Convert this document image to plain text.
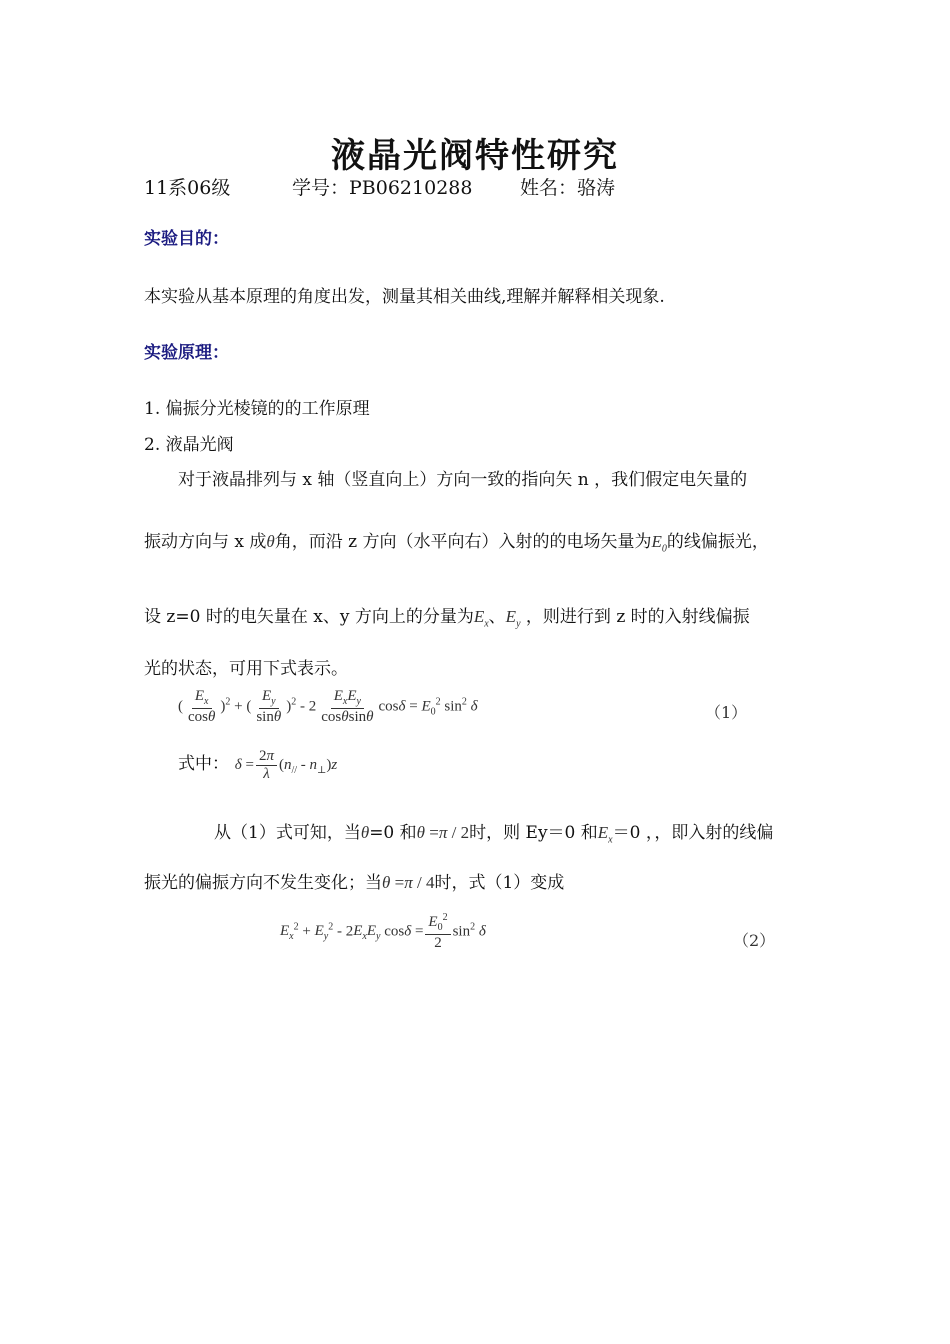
液晶光阀特性研究
11系06级	学号：PB06210288	姓名：骆涛
实验目的：
本实验从基本原理的角度出发，测量其相关曲线,理解并解释相关现象.
实验原理：
1. 偏振分光棱镜的的工作原理
2. 液晶光阀
对于液晶排列与 x 轴（竖直向上）方向一致的指向矢 n ，我们假定电矢量的
振动方向与 x 成θ角，而沿 z 方向（水平向右）入射的的电场矢量为$E_0$的线偏振光，
设 z=0 时的电矢量在 x、y 方向上的分量为$E_x$、$E_y$ ，则进行到 z 时的入射线偏振
光的状态，可用下式表示。
( $\frac{E_x}{\cos\theta} )^2$ + ( $\frac{E_y}{\sin\theta} )^2 - 2 \frac{E_xE_y}{\cos\theta\sin\theta}$ $\cos\delta = E_0^2$ $\sin^2 \delta$	（1）
式中： $\delta = \frac{2\pi}{\lambda} (n_{//} - n_\perp)z$
从（1）式可知，当θ=0 和θ =π / 2时，则 Ey＝0 和$E_x=0$ ，，即入射的线偏
振光的偏振方向不发生变化；当θ =π / 4时，式（1）变成
$E_x^2 + E_y^2 - 2E_xE_y$ $\cos\delta = \frac{E_0^2}{2} \sin^2 \delta$	（2）
